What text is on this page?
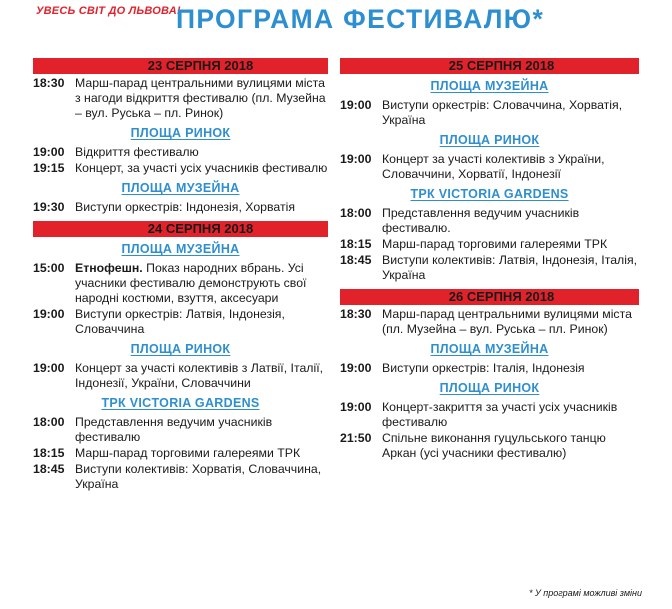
УВЕСЬ СВІТ ДО ЛЬВОВА!
ПРОГРАМА ФЕСТИВАЛЮ*
23 СЕРПНЯ 2018
18:30 Марш-парад центральними вулицями міста з нагоди відкриття фестивалю (пл. Музейна – вул. Руська – пл. Ринок)
ПЛОЩА РИНОК
19:00 Відкриття фестивалю
19:15 Концерт, за участі усіх учасників фестивалю
ПЛОЩА МУЗЕЙНА
19:30 Виступи оркестрів: Індонезія, Хорватія
24 СЕРПНЯ 2018
ПЛОЩА МУЗЕЙНА
15:00 Етнофешн. Показ народних вбрань. Усі учасники фестивалю демонструють свої народні костюми, взуття, аксесуари
19:00 Виступи оркестрів: Латвія, Індонезія, Словаччина
ПЛОЩА РИНОК
19:00 Концерт за участі колективів з Латвії, Італії, Індонезії, України, Словаччини
ТРК VICTORIA GARDENS
18:00 Представлення ведучим учасників фестивалю
18:15 Марш-парад торговими галереями ТРК
18:45 Виступи колективів: Хорватія, Словаччина, Україна
25 СЕРПНЯ 2018
ПЛОЩА МУЗЕЙНА
19:00 Виступи оркестрів: Словаччина, Хорватія, Україна
ПЛОЩА РИНОК
19:00 Концерт за участі колективів з України, Словаччини, Хорватії, Індонезії
ТРК VICTORIA GARDENS
18:00 Представлення ведучим учасників фестивалю.
18:15 Марш-парад торговими галереями ТРК
18:45 Виступи колективів: Латвія, Індонезія, Італія, Україна
26 СЕРПНЯ 2018
18:30 Марш-парад центральними вулицями міста (пл. Музейна – вул. Руська – пл. Ринок)
ПЛОЩА МУЗЕЙНА
19:00 Виступи оркестрів: Італія, Індонезія
ПЛОЩА РИНОК
19:00 Концерт-закриття за участі усіх учасників фестивалю
21:50 Спільне виконання гуцульського танцю Аркан (усі учасники фестивалю)
* У програмі можливі зміни
